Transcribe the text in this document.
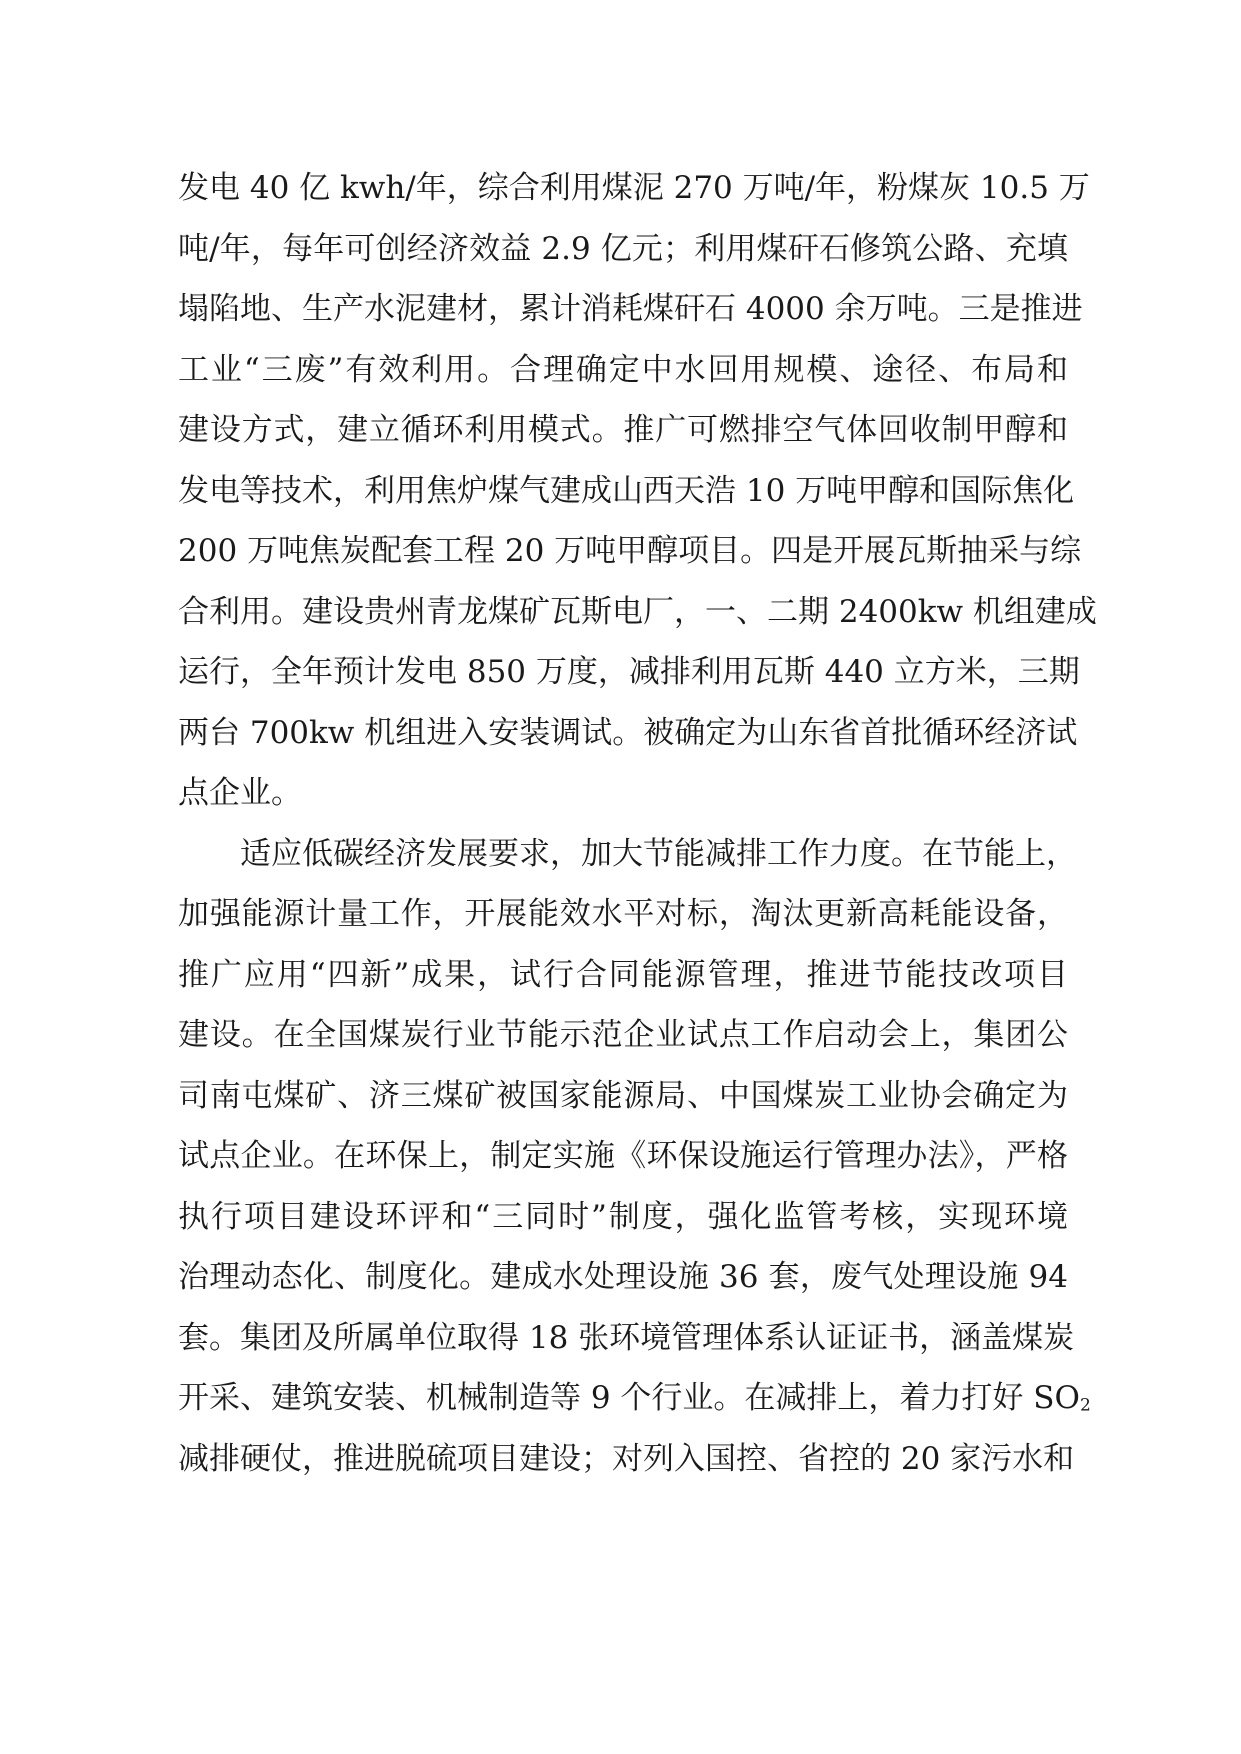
发电 40 亿 kwh/年，综合利用煤泥 270 万吨/年，粉煤灰 10.5 万
吨/年，每年可创经济效益 2.9 亿元；利用煤矸石修筑公路、充填
塌陷地、生产水泥建材，累计消耗煤矸石 4000 余万吨。三是推进
工业“三废”有效利用。合理确定中水回用规模、途径、布局和
建设方式，建立循环利用模式。推广可燃排空气体回收制甲醇和
发电等技术，利用焦炉煤气建成山西天浩 10 万吨甲醇和国际焦化
200 万吨焦炭配套工程 20 万吨甲醇项目。四是开展瓦斯抽采与综
合利用。建设贵州青龙煤矿瓦斯电厂，一、二期 2400kw 机组建成
运行，全年预计发电 850 万度，减排利用瓦斯 440 立方米，三期
两台 700kw 机组进入安装调试。被确定为山东省首批循环经济试
点企业。
适应低碳经济发展要求，加大节能减排工作力度。在节能上，
加强能源计量工作，开展能效水平对标，淘汰更新高耗能设备，
推广应用“四新”成果，试行合同能源管理，推进节能技改项目
建设。在全国煤炭行业节能示范企业试点工作启动会上，集团公
司南屯煤矿、济三煤矿被国家能源局、中国煤炭工业协会确定为
试点企业。在环保上，制定实施《环保设施运行管理办法》，严格
执行项目建设环评和“三同时”制度，强化监管考核，实现环境
治理动态化、制度化。建成水处理设施 36 套，废气处理设施 94
套。集团及所属单位取得 18 张环境管理体系认证证书，涵盖煤炭
开采、建筑安装、机械制造等 9 个行业。在减排上，着力打好 $SO_2$
减排硬仗，推进脱硫项目建设；对列入国控、省控的 20 家污水和
